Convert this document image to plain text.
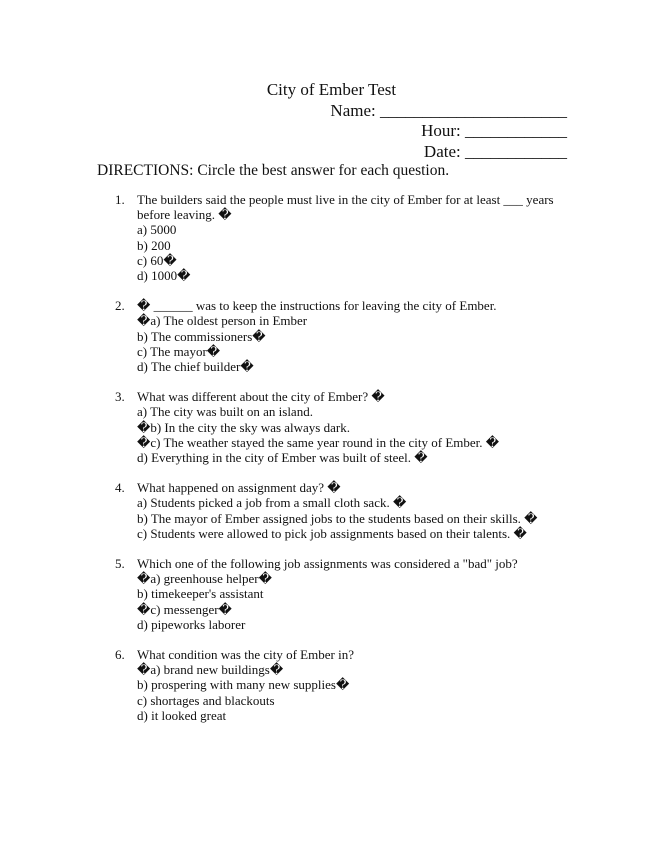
City of Ember Test
Name: ______________________
Hour: ____________
Date: ____________
DIRECTIONS: Circle the best answer for each question.
1. The builders said the people must live in the city of Ember for at least ___ years before leaving. �
a) 5000
b) 200
c) 60�
d) 1000�
2. � ______ was to keep the instructions for leaving the city of Ember.
�a) The oldest person in Ember
b) The commissioners�
c) The mayor�
d) The chief builder�
3. What was different about the city of Ember? �
a) The city was built on an island.
�b) In the city the sky was always dark.
�c) The weather stayed the same year round in the city of Ember. �
d) Everything in the city of Ember was built of steel. �
4. What happened on assignment day? �
a) Students picked a job from a small cloth sack. �
b) The mayor of Ember assigned jobs to the students based on their skills. �
c) Students were allowed to pick job assignments based on their talents. �
5. Which one of the following job assignments was considered a "bad" job?
�a) greenhouse helper�
b) timekeeper's assistant
�c) messenger�
d) pipeworks laborer
6. What condition was the city of Ember in?
�a) brand new buildings�
b) prospering with many new supplies�
c) shortages and blackouts
d) it looked great
